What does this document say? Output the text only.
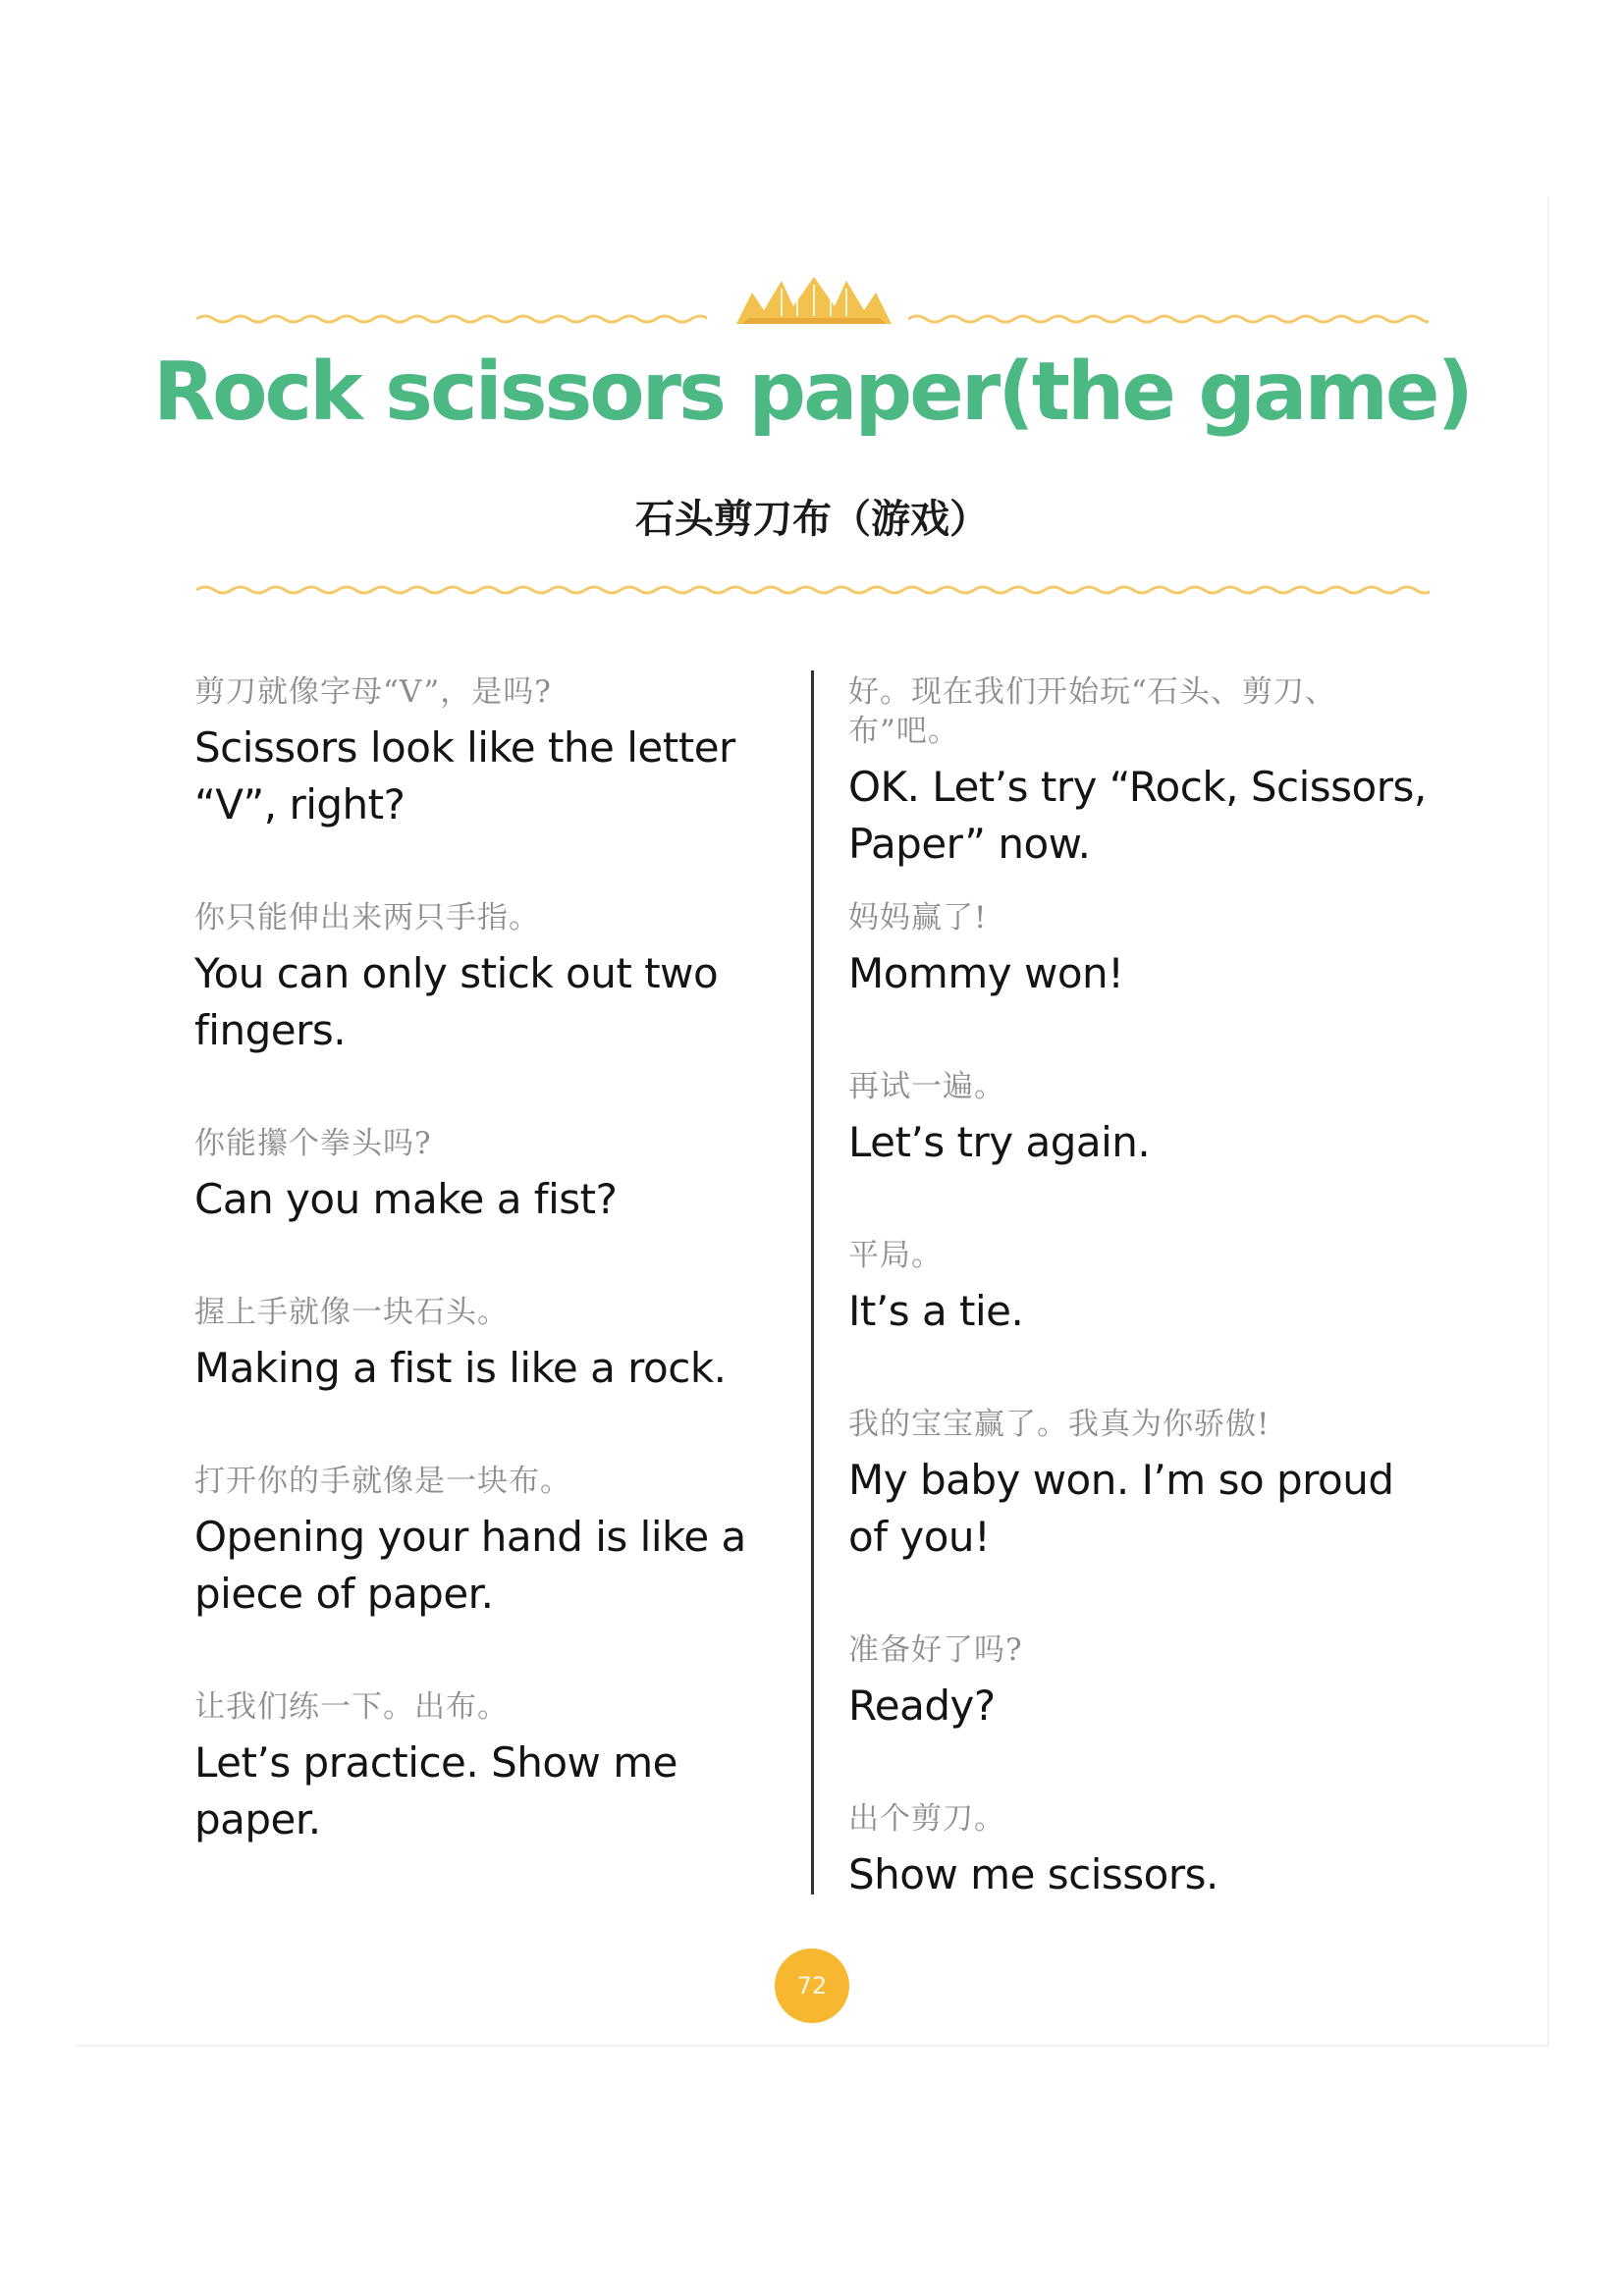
Rock scissors paper(the game)
石头剪刀布（游戏）
剪刀就像字母“V”，是吗?
Scissors look like the letter “V”, right?
你只能伸出来两只手指。
You can only stick out two fingers.
你能攥个拳头吗?
Can you make a fist?
握上手就像一块石头。
Making a fist is like a rock.
打开你的手就像是一块布。
Opening your hand is like a piece of paper.
让我们练一下。出布。
Let’s practice. Show me paper.
好。现在我们开始玩“石头、剪刀、布”吧。
OK. Let’s try “Rock, Scissors, Paper” now.
妈妈赢了!
Mommy won!
再试一遍。
Let’s try again.
平局。
It’s a tie.
我的宝宝赢了。我真为你骄傲!
My baby won. I’m so proud of you!
准备好了吗?
Ready?
出个剪刀。
Show me scissors.
72
